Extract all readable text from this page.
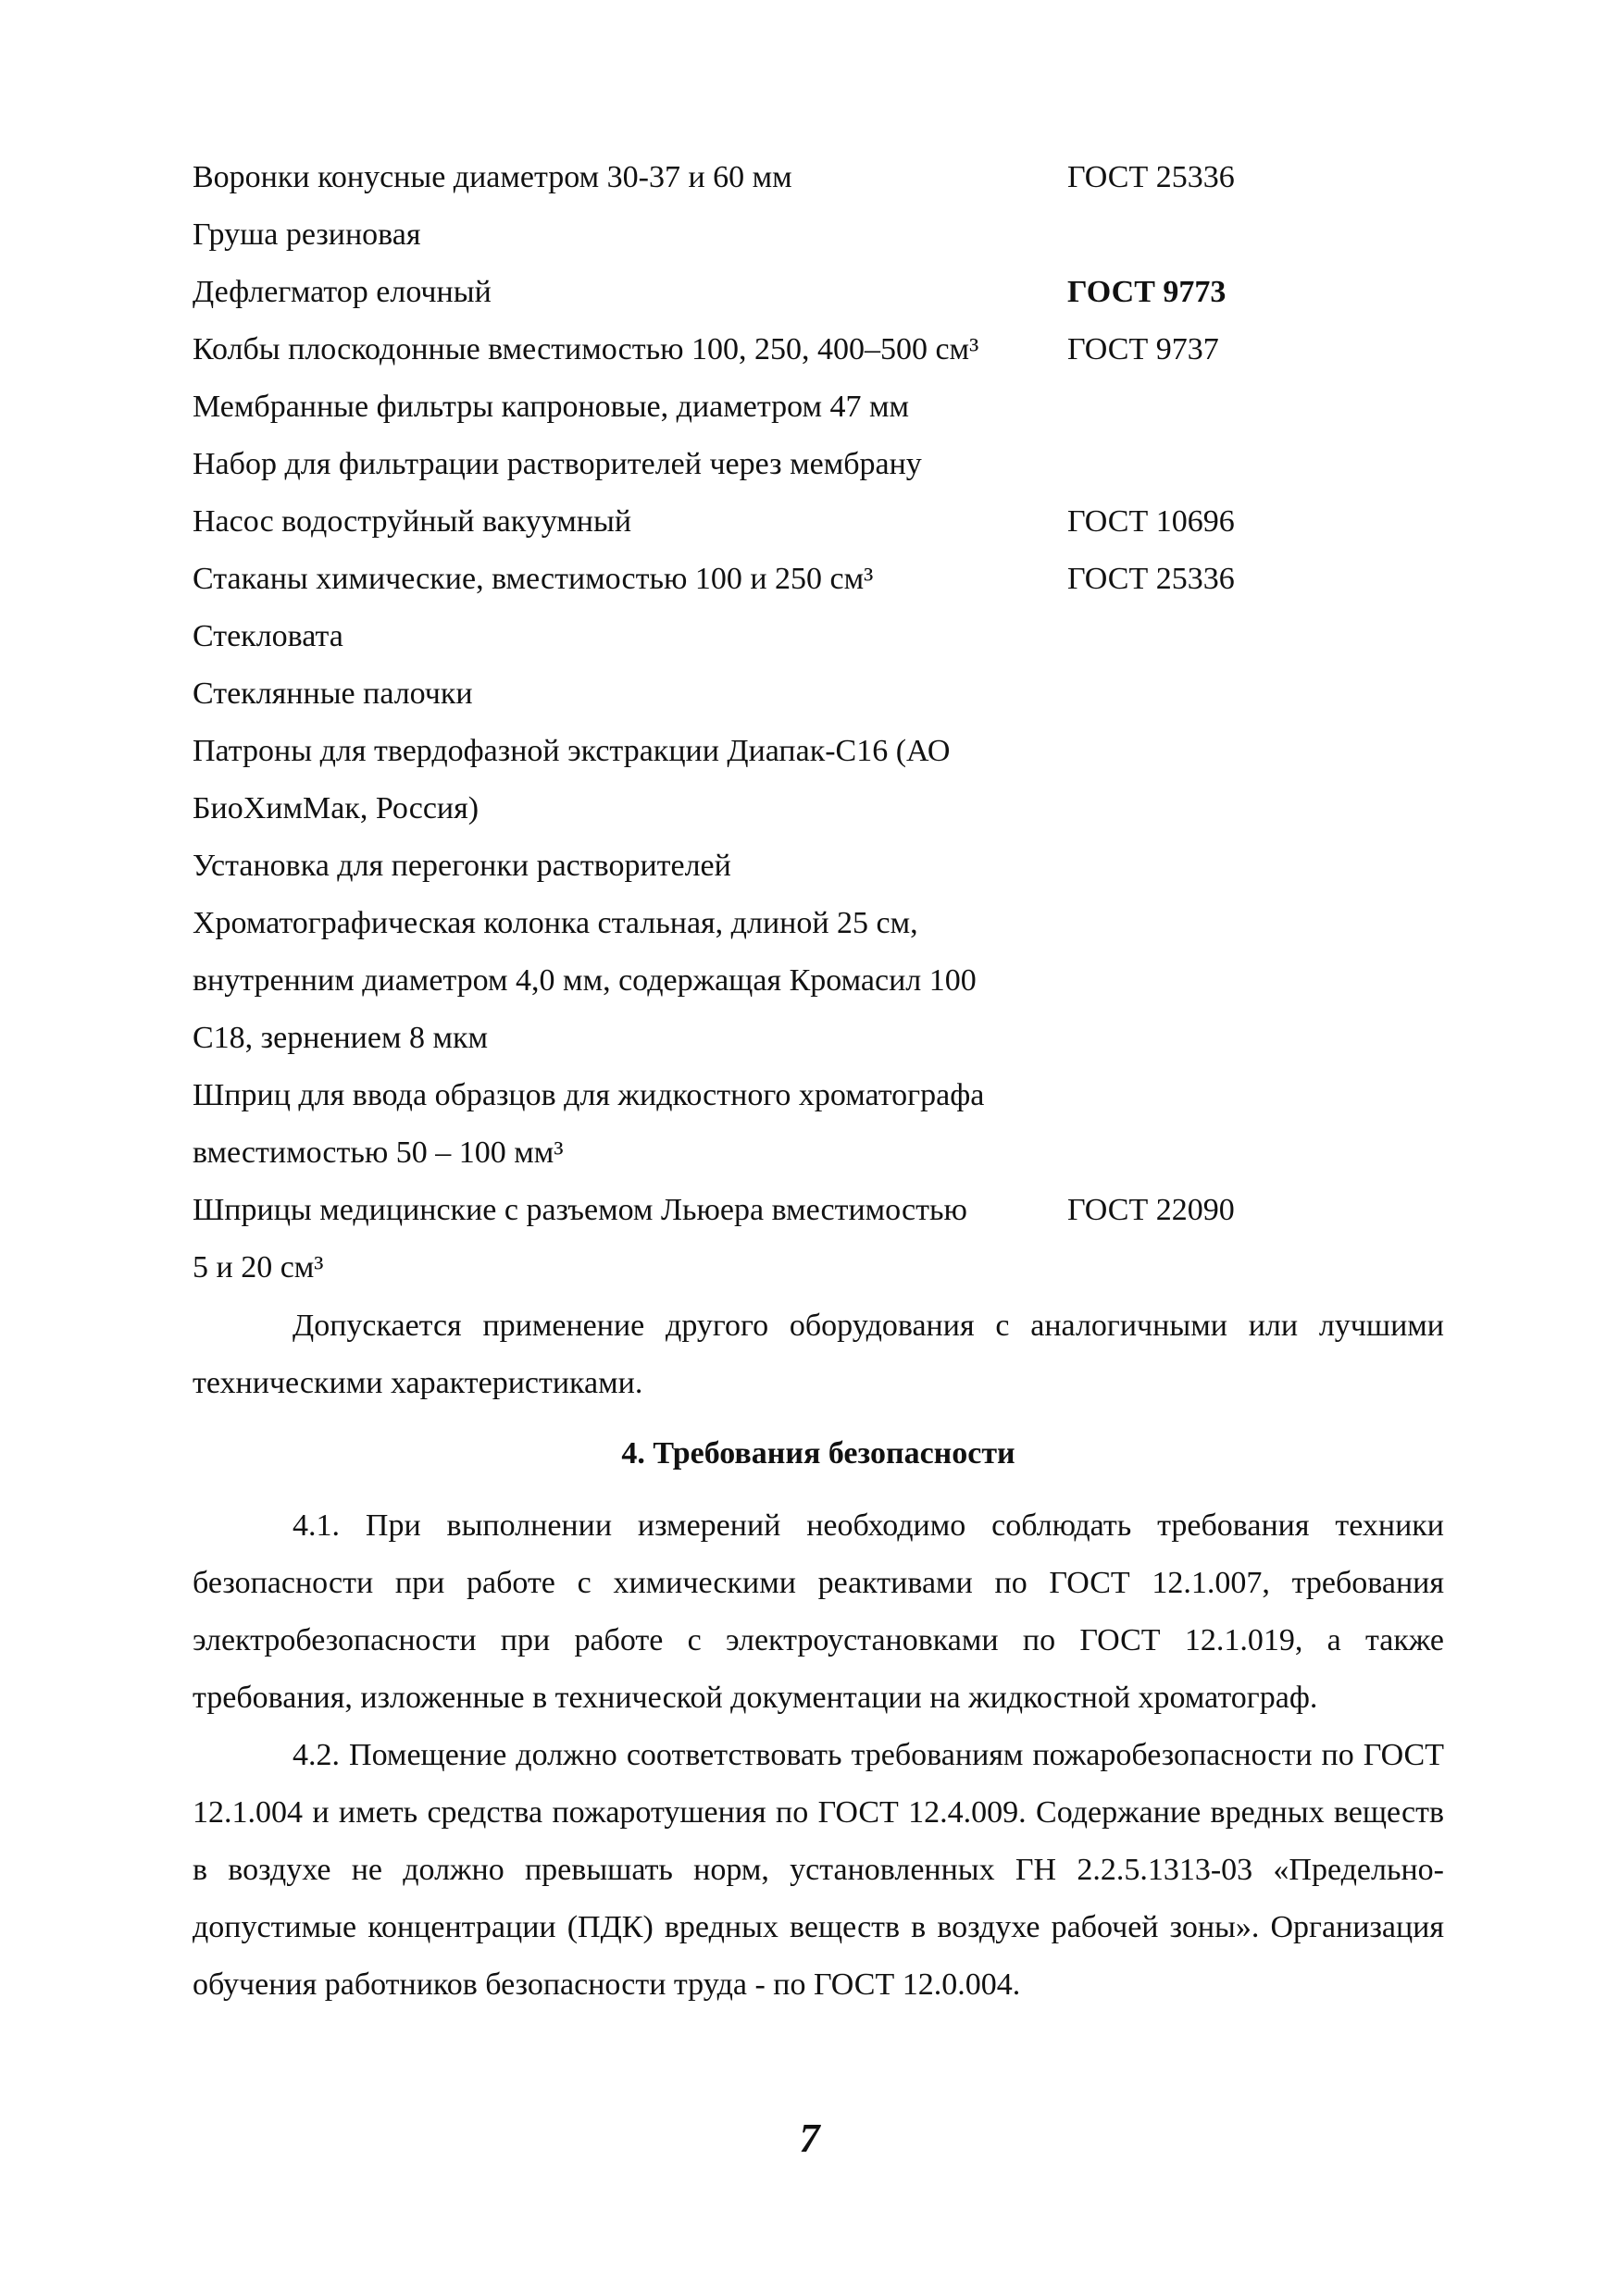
Воронки конусные диаметром 30-37 и 60 мм	ГОСТ 25336
Груша резиновая
Дефлегматор елочный	ГОСТ 9773
Колбы плоскодонные вместимостью 100, 250, 400–500 см³	ГОСТ 9737
Мембранные фильтры капроновые, диаметром 47 мм
Набор для фильтрации растворителей через мембрану
Насос водоструйный вакуумный	ГОСТ 10696
Стаканы химические, вместимостью 100 и 250 см³	ГОСТ 25336
Стекловата
Стеклянные палочки
Патроны для твердофазной экстракции Диапак-С16 (АО
БиоХимМак, Россия)
Установка для перегонки растворителей
Хроматографическая колонка стальная, длиной 25 см,
внутренним диаметром 4,0 мм, содержащая Кромасил 100
С18, зернением 8 мкм
Шприц для ввода образцов для жидкостного хроматографа
вместимостью 50 – 100 мм³
Шприцы медицинские с разъемом Льюера вместимостью	ГОСТ 22090
5 и 20 см³

Допускается применение другого оборудования с аналогичными или лучшими техническими характеристиками.

4. Требования безопасности

4.1. При выполнении измерений необходимо соблюдать требования техники безопасности при работе с химическими реактивами по ГОСТ 12.1.007, требования электробезопасности при работе с электроустановками по ГОСТ 12.1.019, а также требования, изложенные в технической документации на жидкостной хроматограф.

4.2. Помещение должно соответствовать требованиям пожаробезопасности по ГОСТ 12.1.004 и иметь средства пожаротушения по ГОСТ 12.4.009. Содержание вредных веществ в воздухе не должно превышать норм, установленных ГН 2.2.5.1313-03 «Предельно-допустимые концентрации (ПДК) вредных веществ в воздухе рабочей зоны». Организация обучения работников безопасности труда - по ГОСТ 12.0.004.

7
